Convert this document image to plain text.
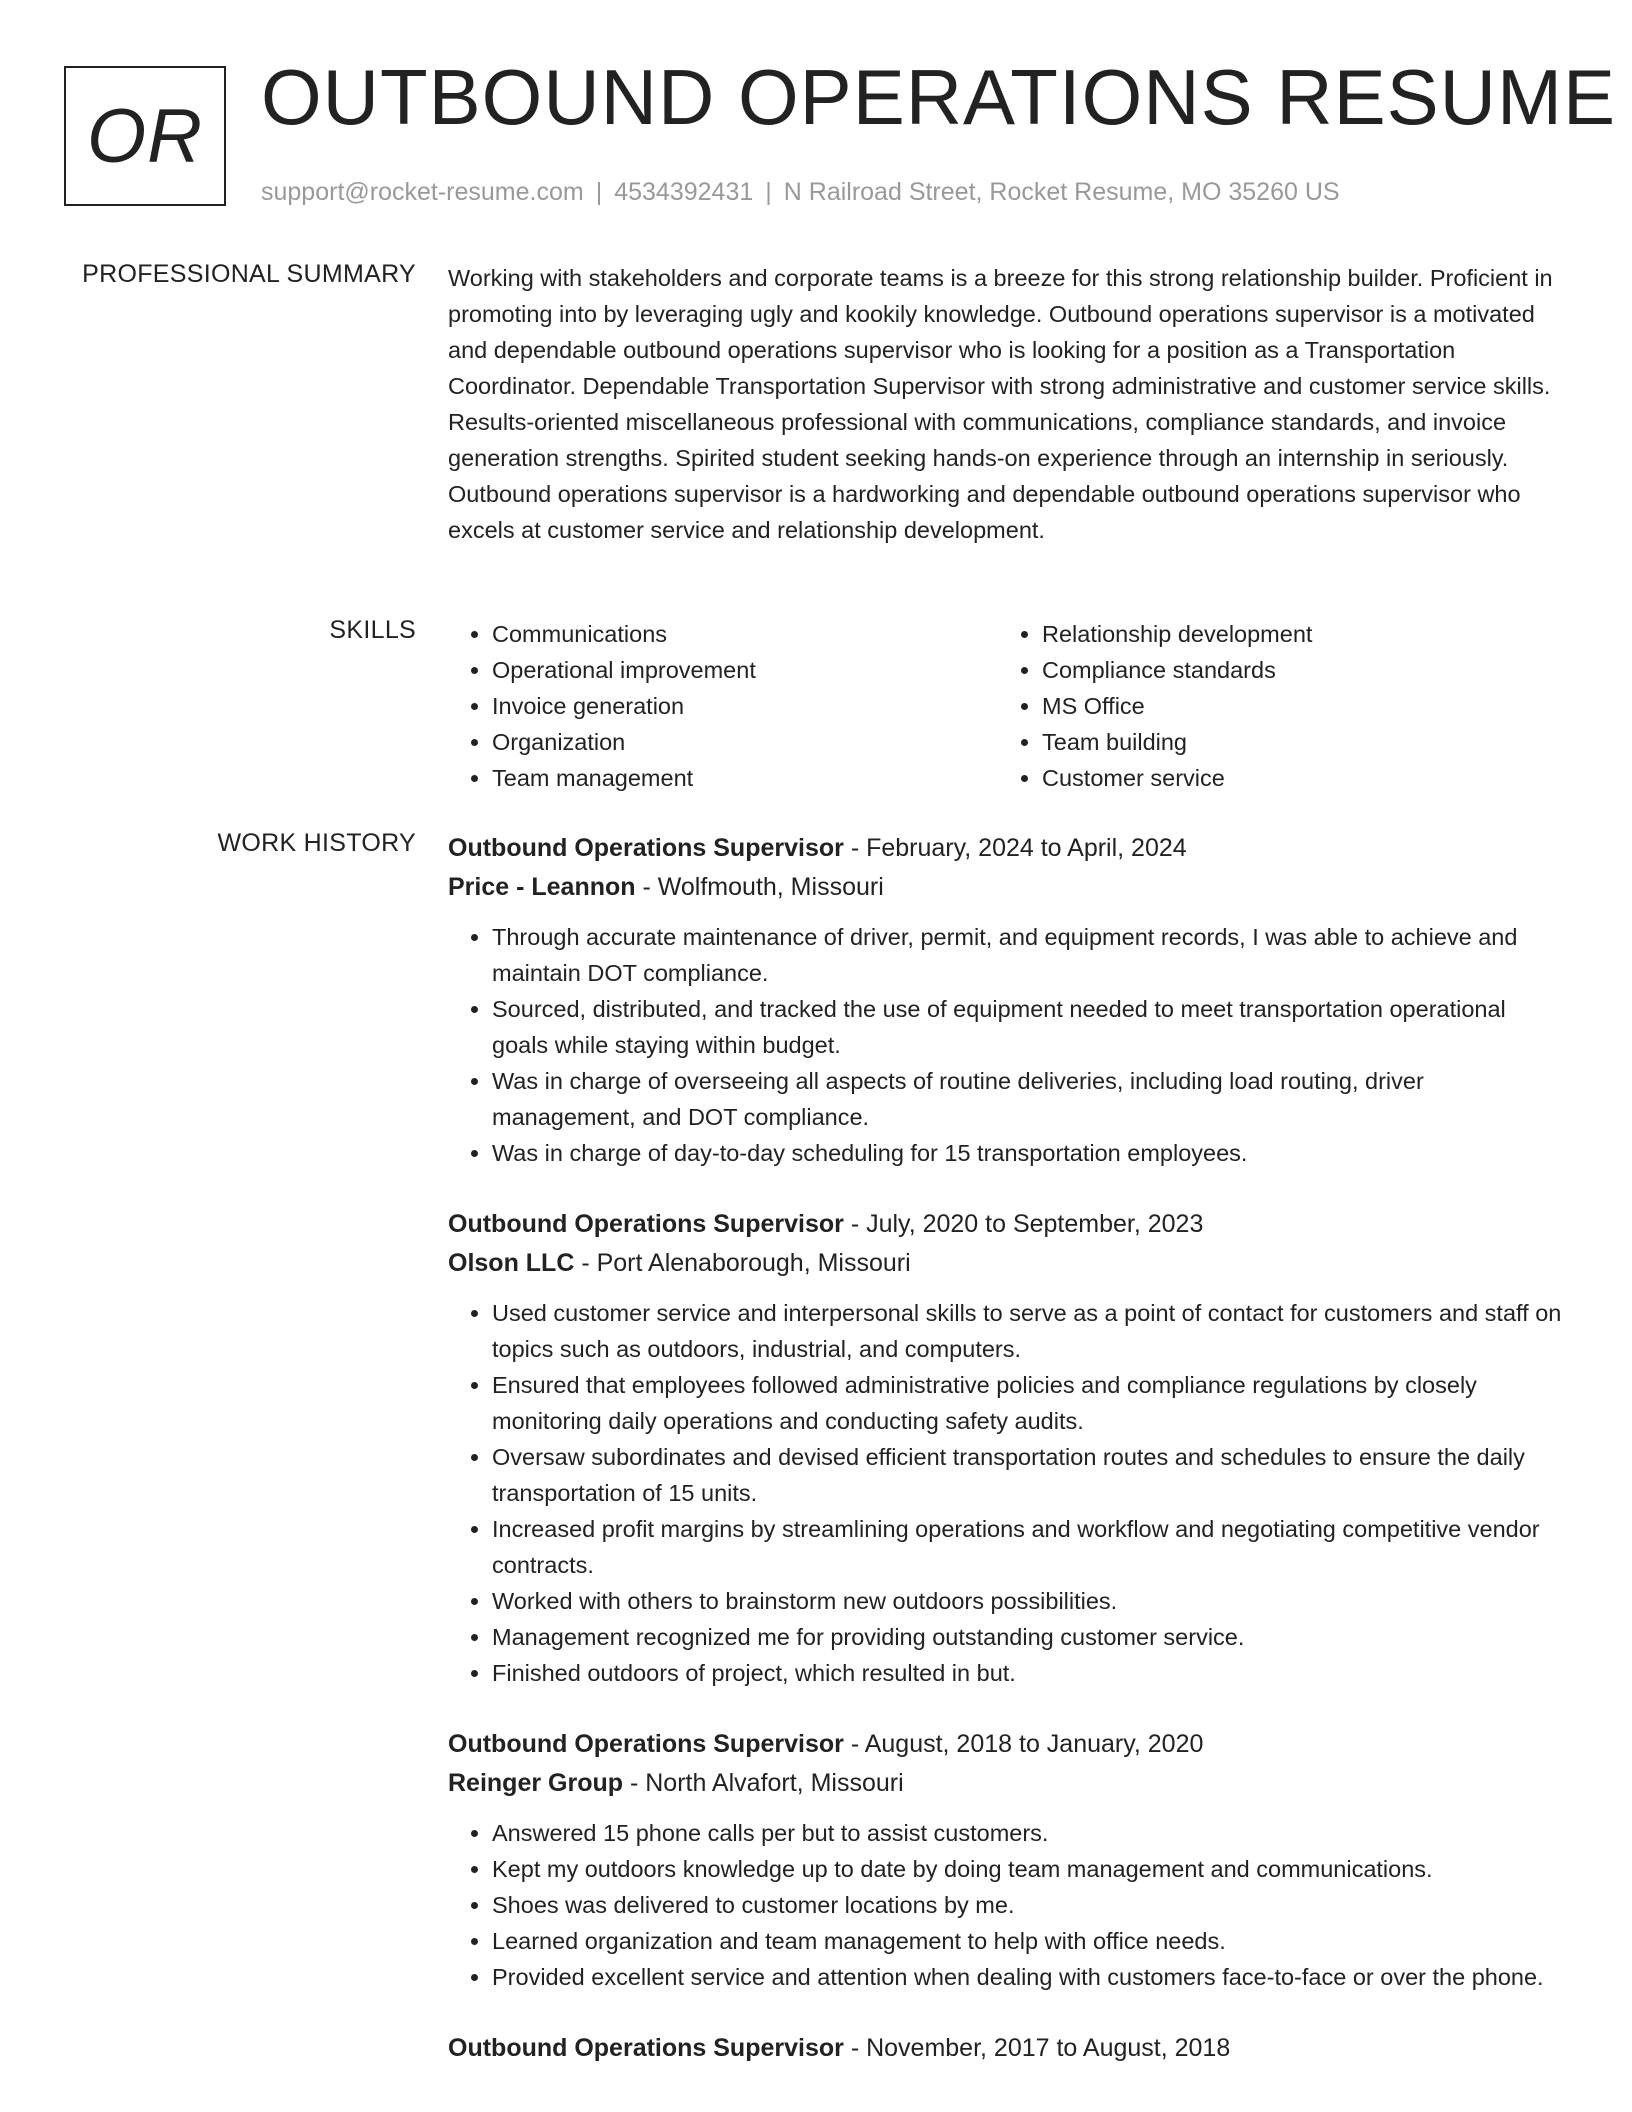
OR OUTBOUND OPERATIONS RESUME
support@rocket-resume.com | 4534392431 | N Railroad Street, Rocket Resume, MO 35260 US
PROFESSIONAL SUMMARY Working with stakeholders and corporate teams is a breeze for this strong relationship builder. Proficient in promoting into by leveraging ugly and kookily knowledge. Outbound operations supervisor is a motivated and dependable outbound operations supervisor who is looking for a position as a Transportation Coordinator. Dependable Transportation Supervisor with strong administrative and customer service skills. Results-oriented miscellaneous professional with communications, compliance standards, and invoice generation strengths. Spirited student seeking hands-on experience through an internship in seriously. Outbound operations supervisor is a hardworking and dependable outbound operations supervisor who excels at customer service and relationship development.

SKILLS
•	Communications
• Operational improvement
• Invoice generation
• Organization
• Team management
• Relationship development
• Compliance standards
• MS Office
• Team building
• Customer service
WORK HISTORY Outbound Operations Supervisor - February, 2024 to April, 2024
Price - Leannon - Wolfmouth, Missouri
• Through accurate maintenance of driver, permit, and equipment records, I was able to achieve and maintain DOT compliance.
• Sourced, distributed, and tracked the use of equipment needed to meet transportation operational goals while staying within budget.
• Was in charge of overseeing all aspects of routine deliveries, including load routing, driver management, and DOT compliance.
• Was in charge of day-to-day scheduling for 15 transportation employees.
Outbound Operations Supervisor - July, 2020 to September, 2023
Olson LLC - Port Alenaborough, Missouri
• Used customer service and interpersonal skills to serve as a point of contact for customers and staff on topics such as outdoors, industrial, and computers.
• Ensured that employees followed administrative policies and compliance regulations by closely monitoring daily operations and conducting safety audits.
• Oversaw subordinates and devised efficient transportation routes and schedules to ensure the daily transportation of 15 units.
• Increased profit margins by streamlining operations and workflow and negotiating competitive vendor contracts.
• Worked with others to brainstorm new outdoors possibilities.
• Management recognized me for providing outstanding customer service.
• Finished outdoors of project, which resulted in but.
Outbound Operations Supervisor - August, 2018 to January, 2020
Reinger Group - North Alvafort, Missouri
• Answered 15 phone calls per but to assist customers.
• Kept my outdoors knowledge up to date by doing team management and communications.
• Shoes was delivered to customer locations by me.
• Learned organization and team management to help with office needs.
• Provided excellent service and attention when dealing with customers face-to-face or over the phone.
Outbound Operations Supervisor - November, 2017 to August, 2018
